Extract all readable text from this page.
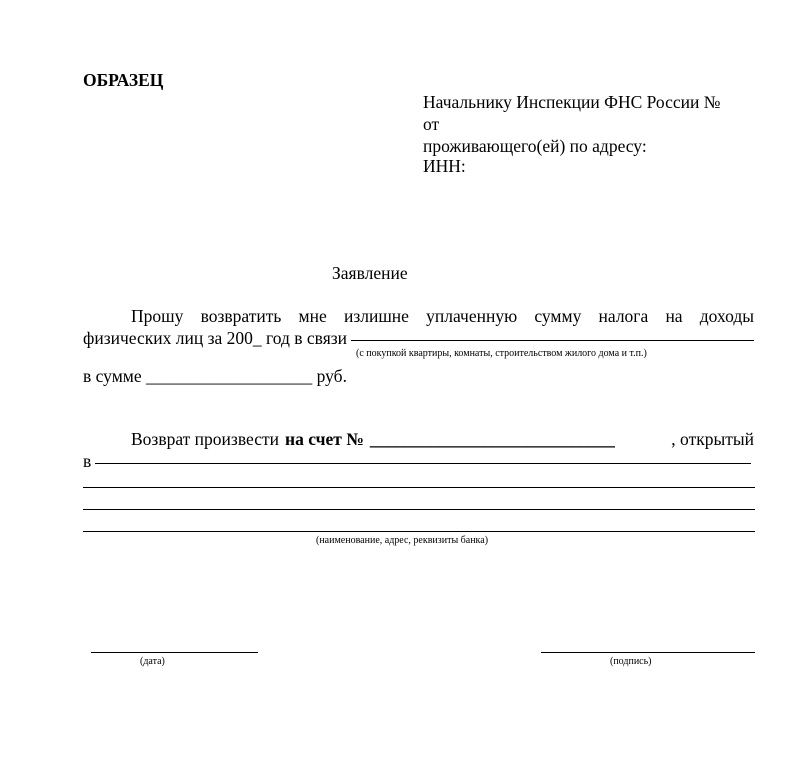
ОБРАЗЕЦ
Начальнику Инспекции ФНС России №
от
проживающего(ей) по адресу:
ИНН:
Заявление
Прошу возвратить мне излишне уплаченную сумму налога на доходы
физических лиц за 200_ год в связи
(с покупкой квартиры, комнаты, строительством жилого дома и т.п.)
в сумме ___________________ руб.
Возврат произвести на счет № ____________________________	, открытый
в
(наименование, адрес, реквизиты банка)
(дата)	(подпись)
